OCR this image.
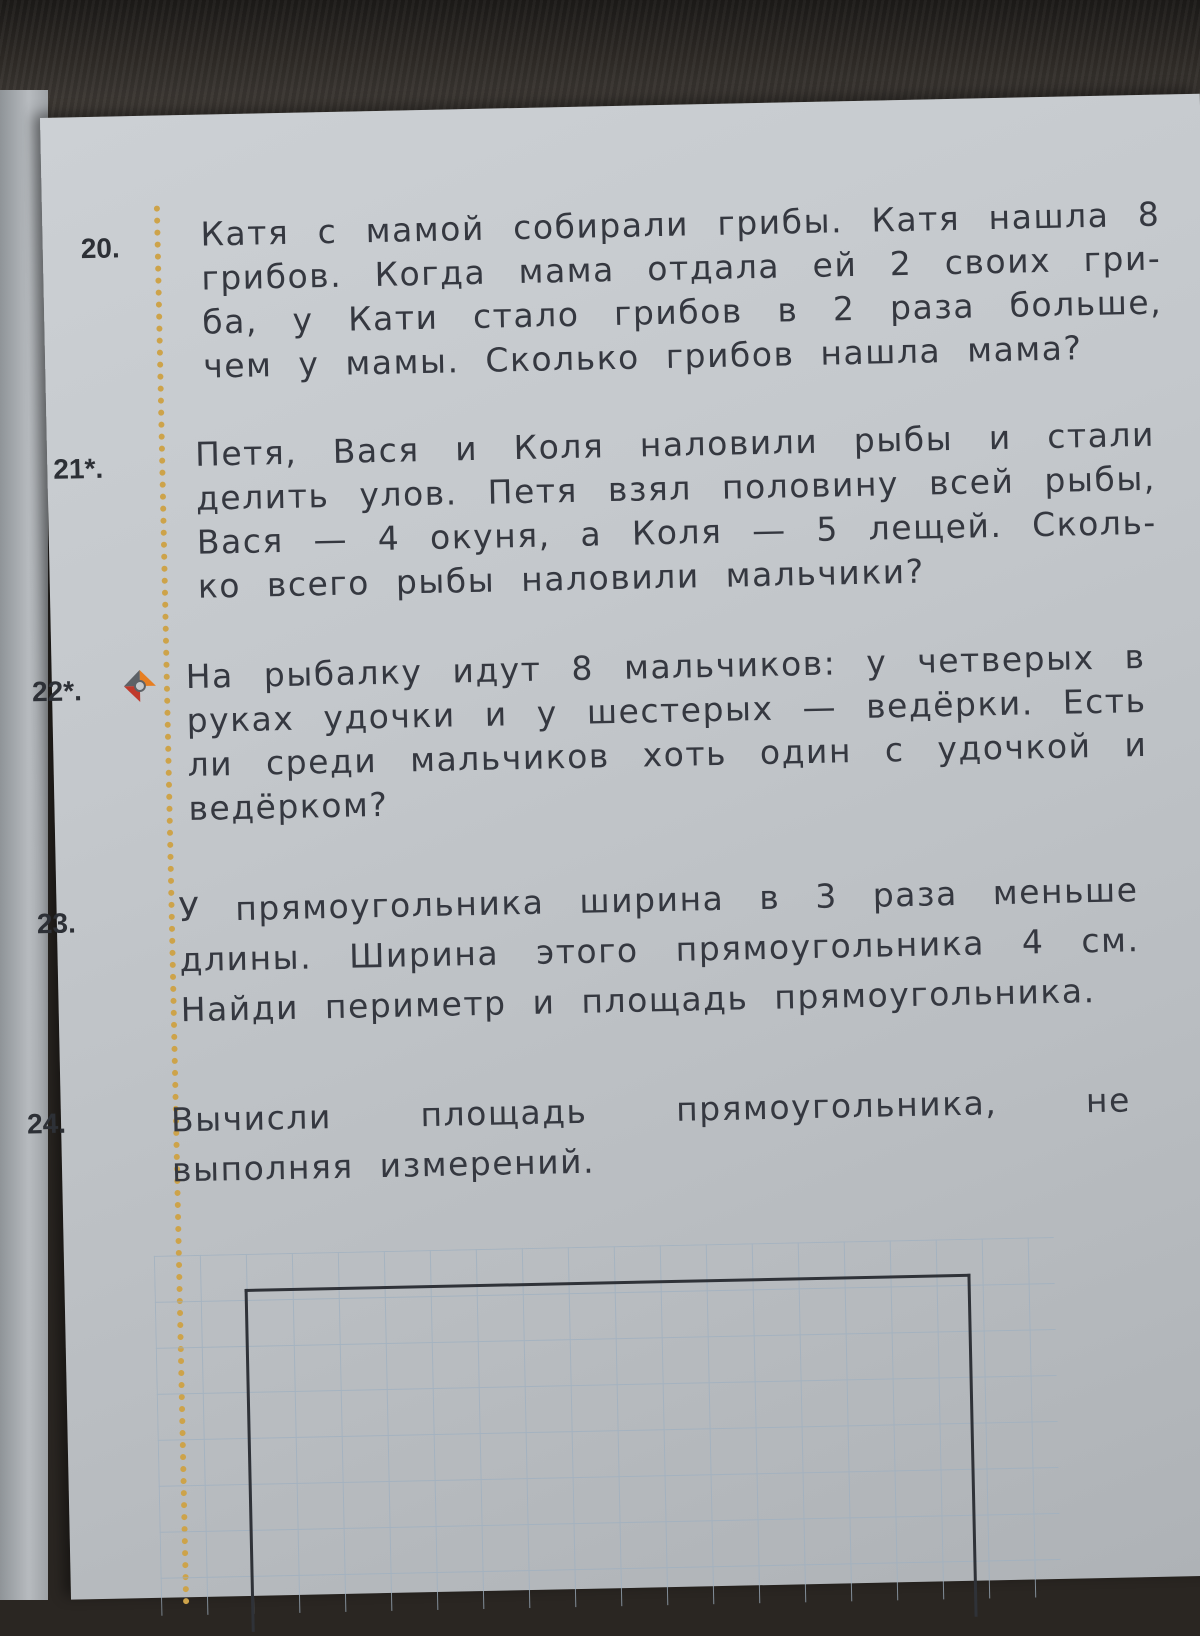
20.	Катя с мамой собирали грибы. Катя нашла 8 грибов. Когда мама отдала ей 2 своих гри-ба, у Кати стало грибов в 2 раза больше, чем у мамы. Сколько грибов нашла мама?

21*.	Петя, Вася и Коля наловили рыбы и стали делить улов. Петя взял половину всей рыбы, Вася — 4 окуня, а Коля — 5 лещей. Сколь-ко всего рыбы наловили мальчики?

22*.	На рыбалку идут 8 мальчиков: у четверых в руках удочки и у шестерых — ведёрки. Есть ли среди мальчиков хоть один с удочкой и ведёрком?

23.	У прямоугольника ширина в 3 раза меньше длины. Ширина этого прямоугольника 4 см. Найди периметр и площадь прямоугольника.

24.	Вычисли площадь прямоугольника, не выполняя измерений.
